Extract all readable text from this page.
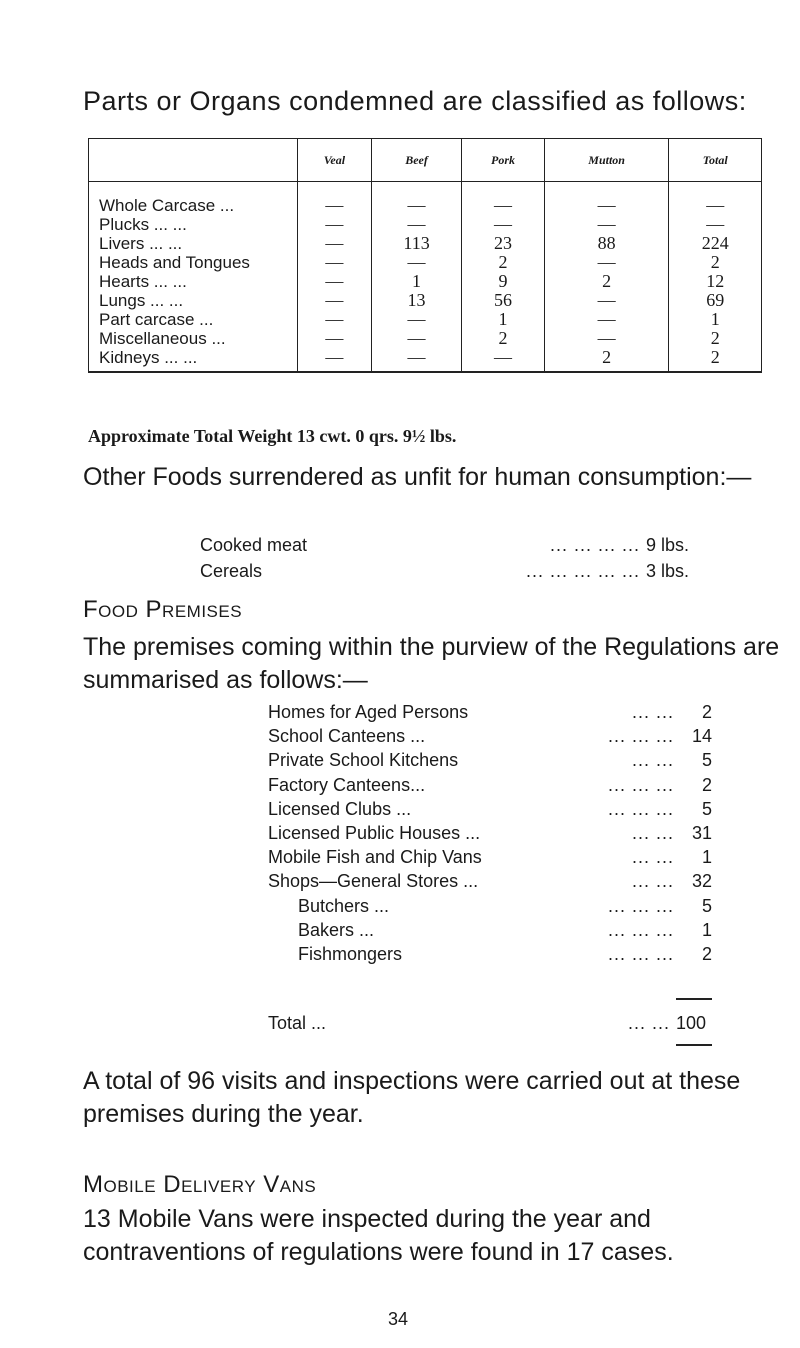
Parts or Organs condemned are classified as follows:
	Veal	Beef	Pork	Mutton	Total
Whole Carcase ...	—	—	—	—	—
Plucks ... ...	—	—	—	—	—
Livers ... ...	—	113	23	88	224
Heads and Tongues	—	—	2	—	2
Hearts ... ...	—	1	9	2	12
Lungs ... ...	—	13	56	—	69
Part carcase ...	—	—	1	—	1
Miscellaneous ...	—	—	2	—	2
Kidneys ... ...	—	—	—	2	2
Approximate Total Weight 13 cwt. 0 qrs. 9½ lbs.
Other Foods surrendered as unfit for human consumption:—
Cooked meat	... ... ... ... 9 lbs.
Cereals	... ... ... ... ... 3 lbs.
Food Premises
The premises coming within the purview of the Regulations are summarised as follows:—
Homes for Aged Persons	... ...	2
School Canteens ...	... ... ... 14
Private School Kitchens	... ...	5
Factory Canteens...	... ... ...	2
Licensed Clubs ...	... ... ...	5
Licensed Public Houses ...	... ... 31
Mobile Fish and Chip Vans	... ...	1
Shops—General Stores ...	... ... 32
Butchers ...	... ... ...	5
Bakers ...	... ... ...	1
Fishmongers	... ... ...	2
Total ...	... ... 100
A total of 96 visits and inspections were carried out at these premises during the year.
Mobile Delivery Vans
13 Mobile Vans were inspected during the year and contraventions of regulations were found in 17 cases.
34
